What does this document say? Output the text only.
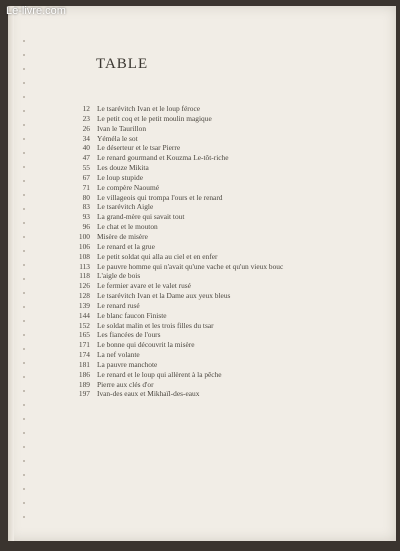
Le-livre.com
TABLE
12 Le tsarévitch Ivan et le loup féroce
23 Le petit coq et le petit moulin magique
26 Ivan le Taurillon
34 Yéméla le sot
40 Le déserteur et le tsar Pierre
47 Le renard gourmand et Kouzma Le-tôt-riche
55 Les douze Mikita
67 Le loup stupide
71 Le compère Naoumé
80 Le villageois qui trompa l'ours et le renard
83 Le tsarévitch Aigle
93 La grand-mère qui savait tout
96 Le chat et le mouton
100 Misère de misère
106 Le renard et la grue
108 Le petit soldat qui alla au ciel et en enfer
113 Le pauvre homme qui n'avait qu'une vache et qu'un vieux bouc
118 L'aigle de bois
126 Le fermier avare et le valet rusé
128 Le tsarévitch Ivan et la Dame aux yeux bleus
139 Le renard rusé
144 Le blanc faucon Finiste
152 Le soldat malin et les trois filles du tsar
165 Les fiancées de l'ours
171 Le bonne qui découvrit la misère
174 La nef volante
181 La pauvre manchote
186 Le renard et le loup qui allèrent à la pêche
189 Pierre aux clés d'or
197 Ivan-des eaux et Mikhaïl-des-eaux
